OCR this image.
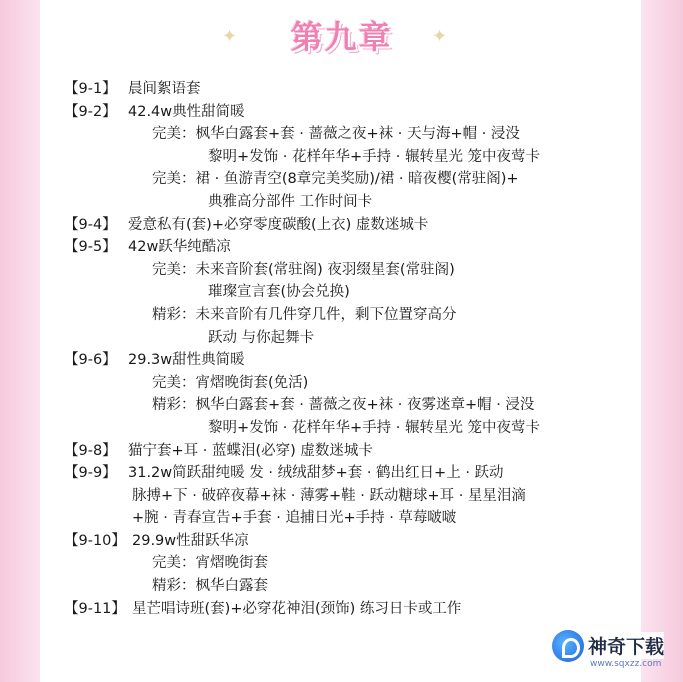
✦	✦
第九章
【9-1】 晨间絮语套
【9-2】 42.4w典性甜简暖
完美：枫华白露套+套 · 蔷薇之夜+袜 · 天与海+帽 · 浸没
黎明+发饰 · 花样年华+手持 · 辗转星光 笼中夜莺卡
完美：裙 · 鱼游青空(8章完美奖励)/裙 · 暗夜樱(常驻阁)+
典雅高分部件 工作时间卡
【9-4】 爱意私有(套)+必穿零度碳酸(上衣) 虚数迷城卡
【9-5】 42w跃华纯酷凉
完美：未来音阶套(常驻阁) 夜羽缀星套(常驻阁)
璀璨宣言套(协会兑换)
精彩：未来音阶有几件穿几件，剩下位置穿高分
跃动 与你起舞卡
【9-6】 29.3w甜性典简暖
完美：宵熠晚街套(免活)
精彩：枫华白露套+套 · 蔷薇之夜+袜 · 夜雾迷章+帽 · 浸没
黎明+发饰 · 花样年华+手持 · 辗转星光 笼中夜莺卡
【9-8】 猫宁套+耳 · 蓝蝶泪(必穿) 虚数迷城卡
【9-9】 31.2w简跃甜纯暖 发 · 绒绒甜梦+套 · 鹤出红日+上 · 跃动
脉搏+下 · 破碎夜幕+袜 · 薄雾+鞋 · 跃动糖球+耳 · 星星泪滴
+腕 · 青春宣告+手套 · 追捕日光+手持 · 草莓啵啵
【9-10】 29.9w性甜跃华凉
完美：宵熠晚街套
精彩：枫华白露套
【9-11】 星芒唱诗班(套)+必穿花神泪(颈饰) 练习日卡或工作
神奇下载
www.sqxzz.com
